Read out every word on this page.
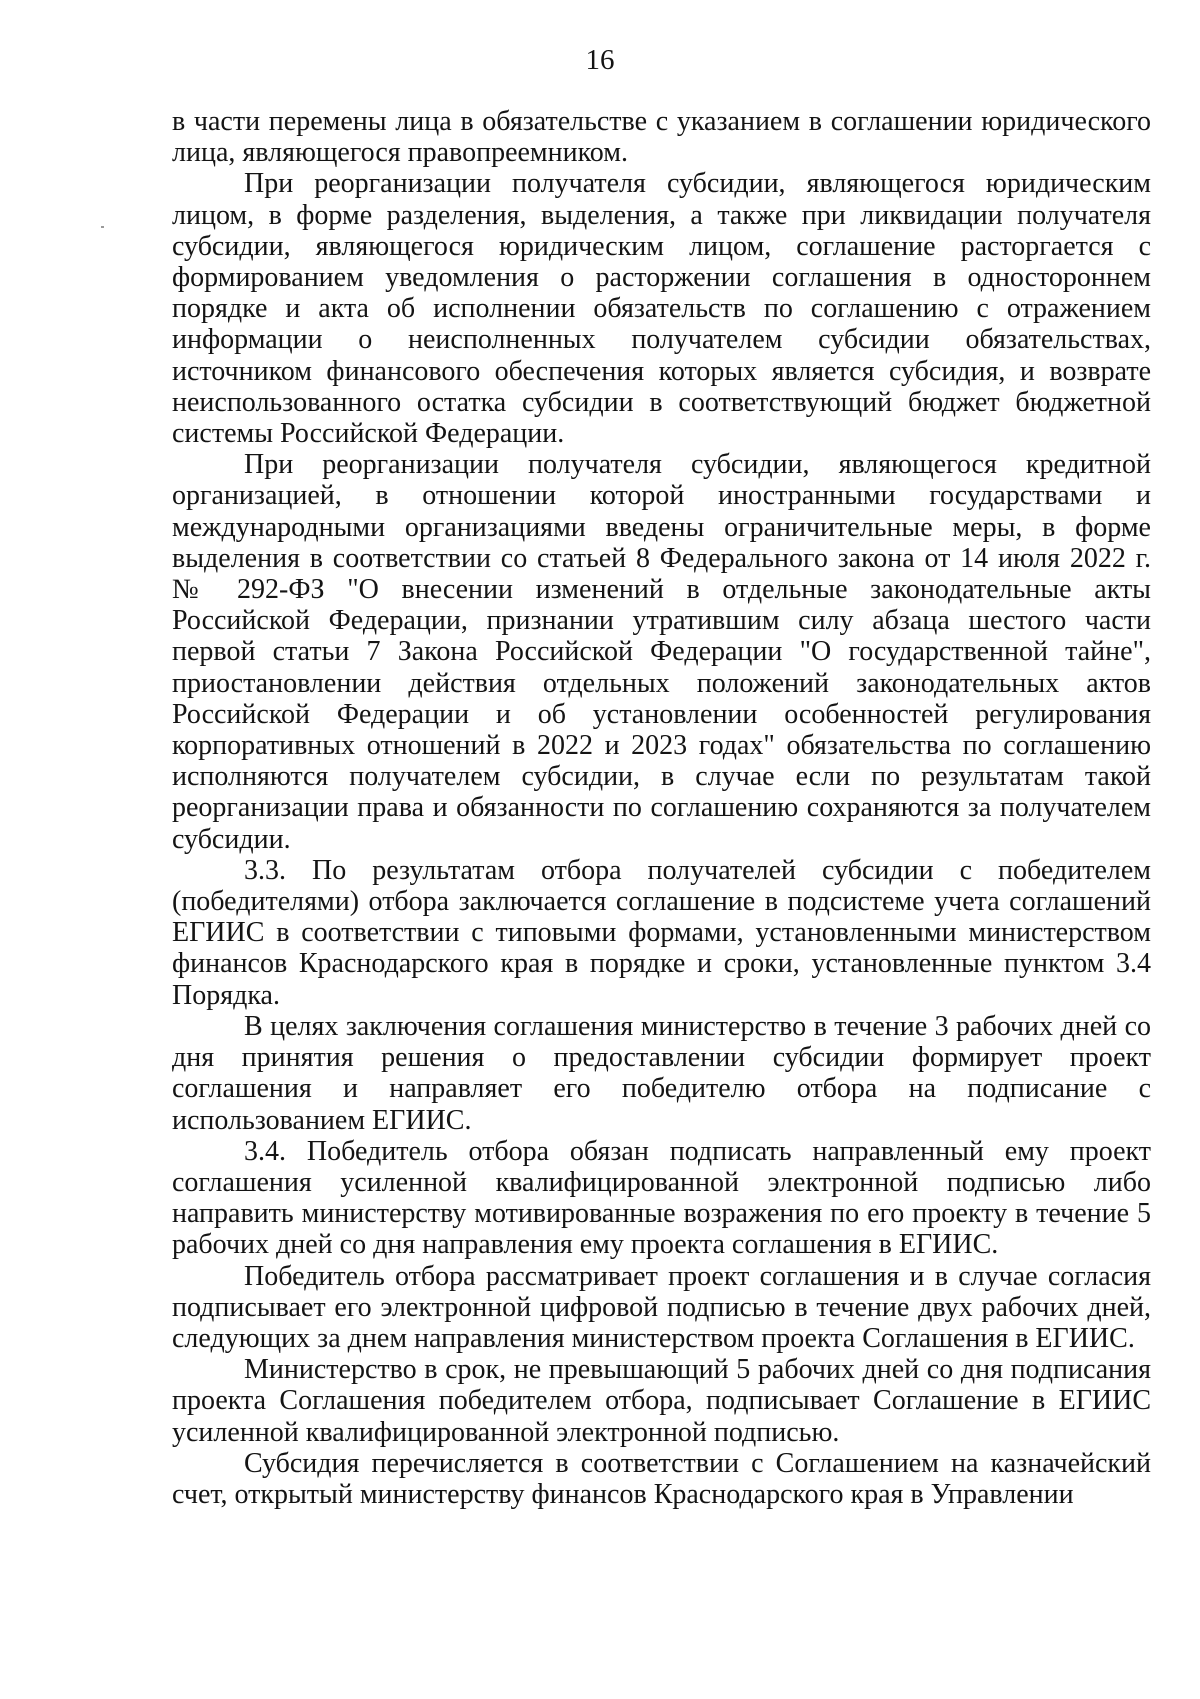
16

в части перемены лица в обязательстве с указанием в соглашении юридического лица, являющегося правопреемником.

При реорганизации получателя субсидии, являющегося юридическим лицом, в форме разделения, выделения, а также при ликвидации получателя субсидии, являющегося юридическим лицом, соглашение расторгается с формированием уведомления о расторжении соглашения в одностороннем порядке и акта об исполнении обязательств по соглашению с отражением информации о неисполненных получателем субсидии обязательствах, источником финансового обеспечения которых является субсидия, и возврате неиспользованного остатка субсидии в соответствующий бюджет бюджетной системы Российской Федерации.

При реорганизации получателя субсидии, являющегося кредитной организацией, в отношении которой иностранными государствами и международными организациями введены ограничительные меры, в форме выделения в соответствии со статьей 8 Федерального закона от 14 июля 2022 г. № 292-ФЗ "О внесении изменений в отдельные законодательные акты Российской Федерации, признании утратившим силу абзаца шестого части первой статьи 7 Закона Российской Федерации "О государственной тайне", приостановлении действия отдельных положений законодательных актов Российской Федерации и об установлении особенностей регулирования корпоративных отношений в 2022 и 2023 годах" обязательства по соглашению исполняются получателем субсидии, в случае если по результатам такой реорганизации права и обязанности по соглашению сохраняются за получателем субсидии.

3.3. По результатам отбора получателей субсидии с победителем (победителями) отбора заключается соглашение в подсистеме учета соглашений ЕГИИС в соответствии с типовыми формами, установленными министерством финансов Краснодарского края в порядке и сроки, установленные пунктом 3.4 Порядка.

В целях заключения соглашения министерство в течение 3 рабочих дней со дня принятия решения о предоставлении субсидии формирует проект соглашения и направляет его победителю отбора на подписание с использованием ЕГИИС.

3.4. Победитель отбора обязан подписать направленный ему проект соглашения усиленной квалифицированной электронной подписью либо направить министерству мотивированные возражения по его проекту в течение 5 рабочих дней со дня направления ему проекта соглашения в ЕГИИС.

Победитель отбора рассматривает проект соглашения и в случае согласия подписывает его электронной цифровой подписью в течение двух рабочих дней, следующих за днем направления министерством проекта Соглашения в ЕГИИС.

Министерство в срок, не превышающий 5 рабочих дней со дня подписания проекта Соглашения победителем отбора, подписывает Соглашение в ЕГИИС усиленной квалифицированной электронной подписью.

Субсидия перечисляется в соответствии с Соглашением на казначейский счет, открытый министерству финансов Краснодарского края в Управлении
